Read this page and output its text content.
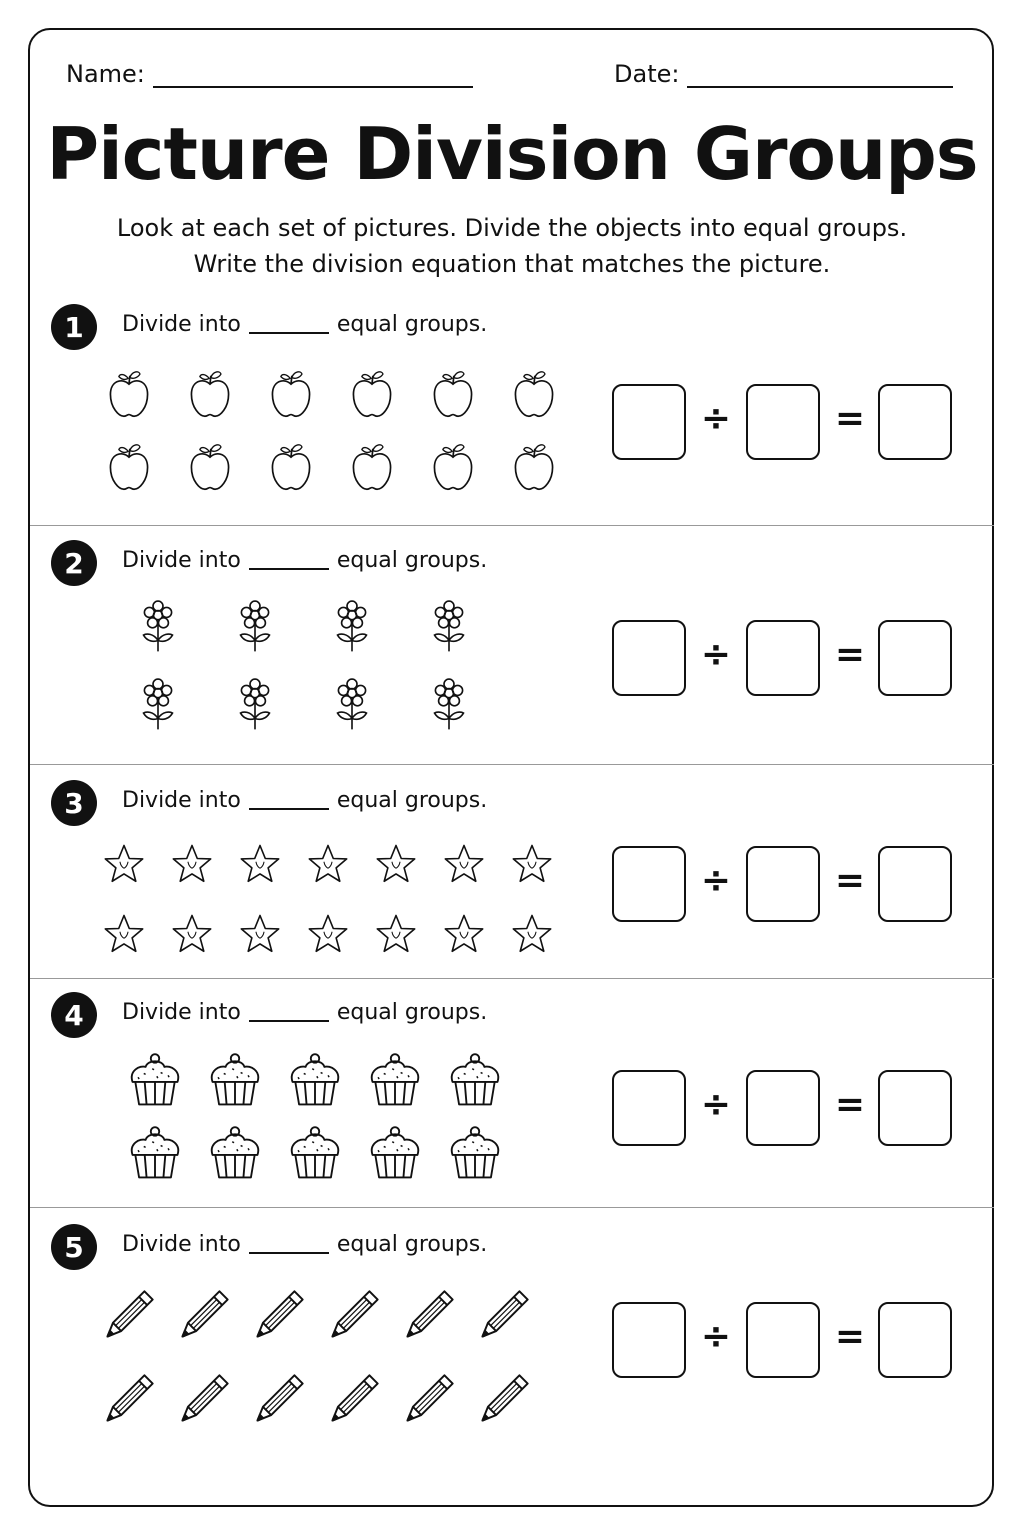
Name:	Date:
Picture Division Groups
Look at each set of pictures. Divide the objects into equal groups.
Write the division equation that matches the picture.
1	Divide into	equal groups.
÷	=
2	Divide into	equal groups.
÷	=
3	Divide into	equal groups.
÷	=
4	Divide into	equal groups.
÷	=
5	Divide into	equal groups.
÷	=
